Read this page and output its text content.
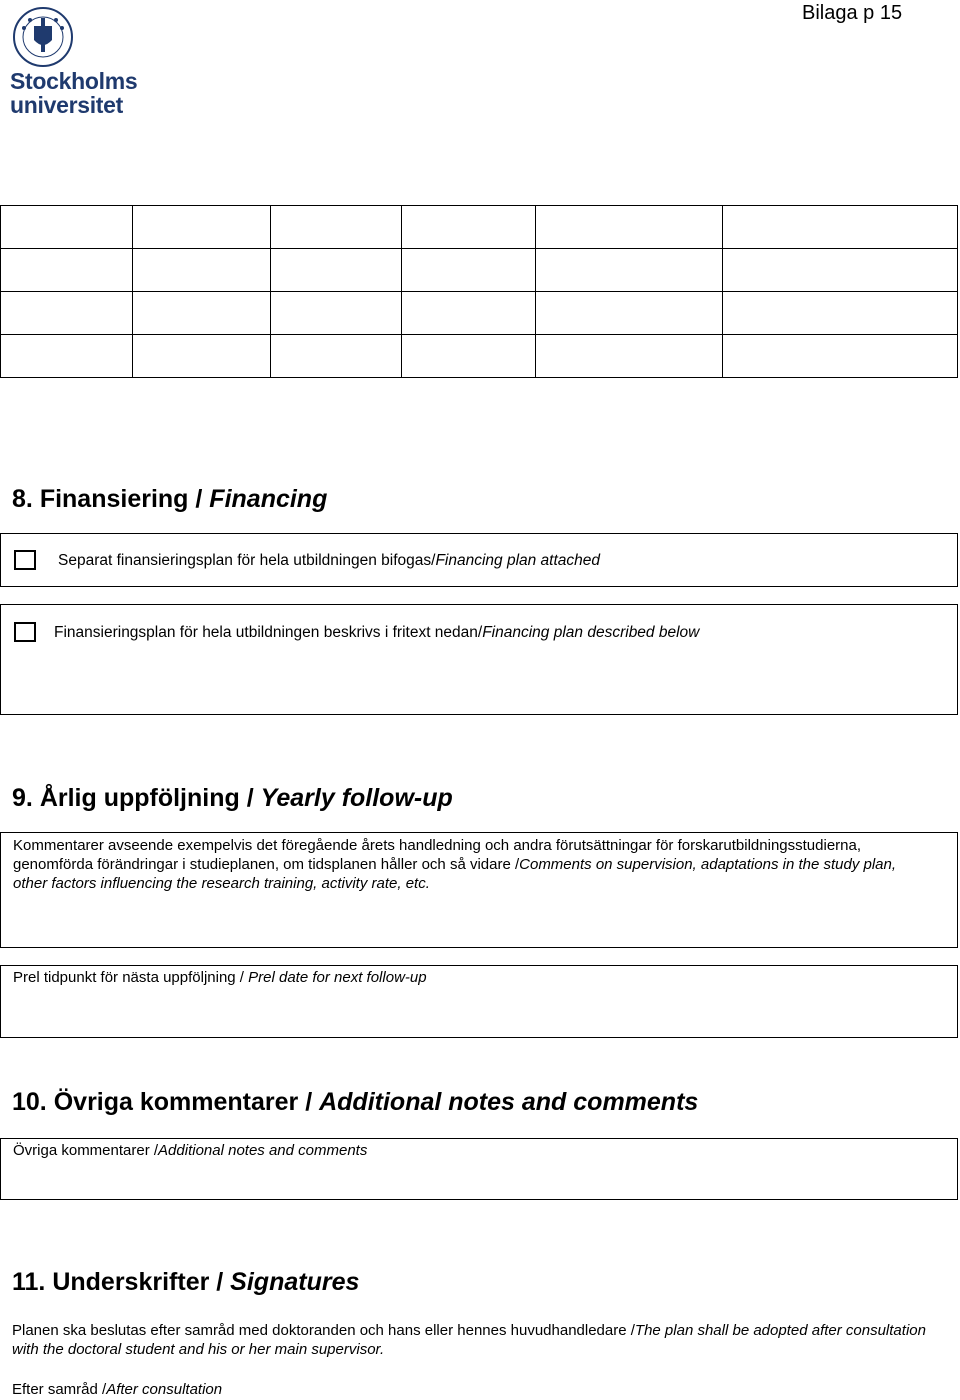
Bilaga p 15
Stockholms
universitet

8. Finansiering / Financing
Separat finansieringsplan för hela utbildningen bifogas/Financing plan attached
Finansieringsplan för hela utbildningen beskrivs i fritext nedan/Financing plan described below
9. Årlig uppföljning / Yearly follow-up
Kommentarer avseende exempelvis det föregående årets handledning och andra förutsättningar för forskarutbildningsstudierna, genomförda förändringar i studieplanen, om tidsplanen håller och så vidare /Comments on supervision, adaptations in the study plan, other factors influencing the research training, activity rate, etc.
Prel tidpunkt för nästa uppföljning / Prel date for next follow-up
10. Övriga kommentarer / Additional notes and comments
Övriga kommentarer /Additional notes and comments
11. Underskrifter / Signatures
Planen ska beslutas efter samråd med doktoranden och hans eller hennes huvudhandledare /The plan shall be adopted after consultation with the doctoral student and his or her main supervisor.
Efter samråd /After consultation
